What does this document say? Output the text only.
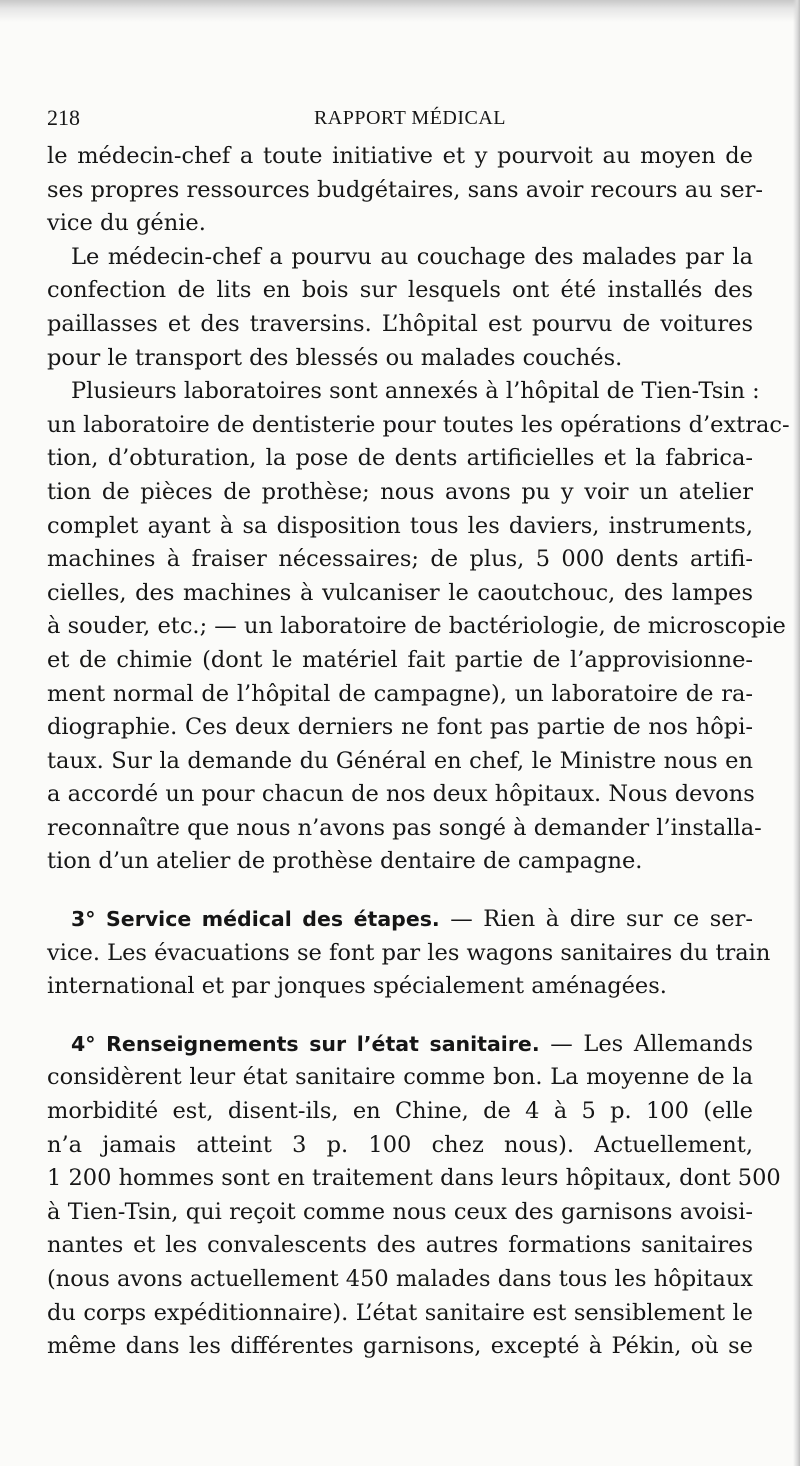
218	RAPPORT MÉDICAL
le médecin-chef a toute initiative et y pourvoit au moyen de
ses propres ressources budgétaires, sans avoir recours au ser-
vice du génie.
Le médecin-chef a pourvu au couchage des malades par la
confection de lits en bois sur lesquels ont été installés des
paillasses et des traversins. L’hôpital est pourvu de voitures
pour le transport des blessés ou malades couchés.
Plusieurs laboratoires sont annexés à l’hôpital de Tien-Tsin :
un laboratoire de dentisterie pour toutes les opérations d’extrac-
tion, d’obturation, la pose de dents artificielles et la fabrica-
tion de pièces de prothèse; nous avons pu y voir un atelier
complet ayant à sa disposition tous les daviers, instruments,
machines à fraiser nécessaires; de plus, 5 000 dents artifi-
cielles, des machines à vulcaniser le caoutchouc, des lampes
à souder, etc.; — un laboratoire de bactériologie, de microscopie
et de chimie (dont le matériel fait partie de l’approvisionne-
ment normal de l’hôpital de campagne), un laboratoire de ra-
diographie. Ces deux derniers ne font pas partie de nos hôpi-
taux. Sur la demande du Général en chef, le Ministre nous en
a accordé un pour chacun de nos deux hôpitaux. Nous devons
reconnaître que nous n’avons pas songé à demander l’installa-
tion d’un atelier de prothèse dentaire de campagne.
3° Service médical des étapes. — Rien à dire sur ce ser-
vice. Les évacuations se font par les wagons sanitaires du train
international et par jonques spécialement aménagées.
4° Renseignements sur l’état sanitaire. — Les Allemands
considèrent leur état sanitaire comme bon. La moyenne de la
morbidité est, disent-ils, en Chine, de 4 à 5 p. 100 (elle
n’a jamais atteint 3 p. 100 chez nous). Actuellement,
1 200 hommes sont en traitement dans leurs hôpitaux, dont 500
à Tien-Tsin, qui reçoit comme nous ceux des garnisons avoisi-
nantes et les convalescents des autres formations sanitaires
(nous avons actuellement 450 malades dans tous les hôpitaux
du corps expéditionnaire). L’état sanitaire est sensiblement le
même dans les différentes garnisons, excepté à Pékin, où se
